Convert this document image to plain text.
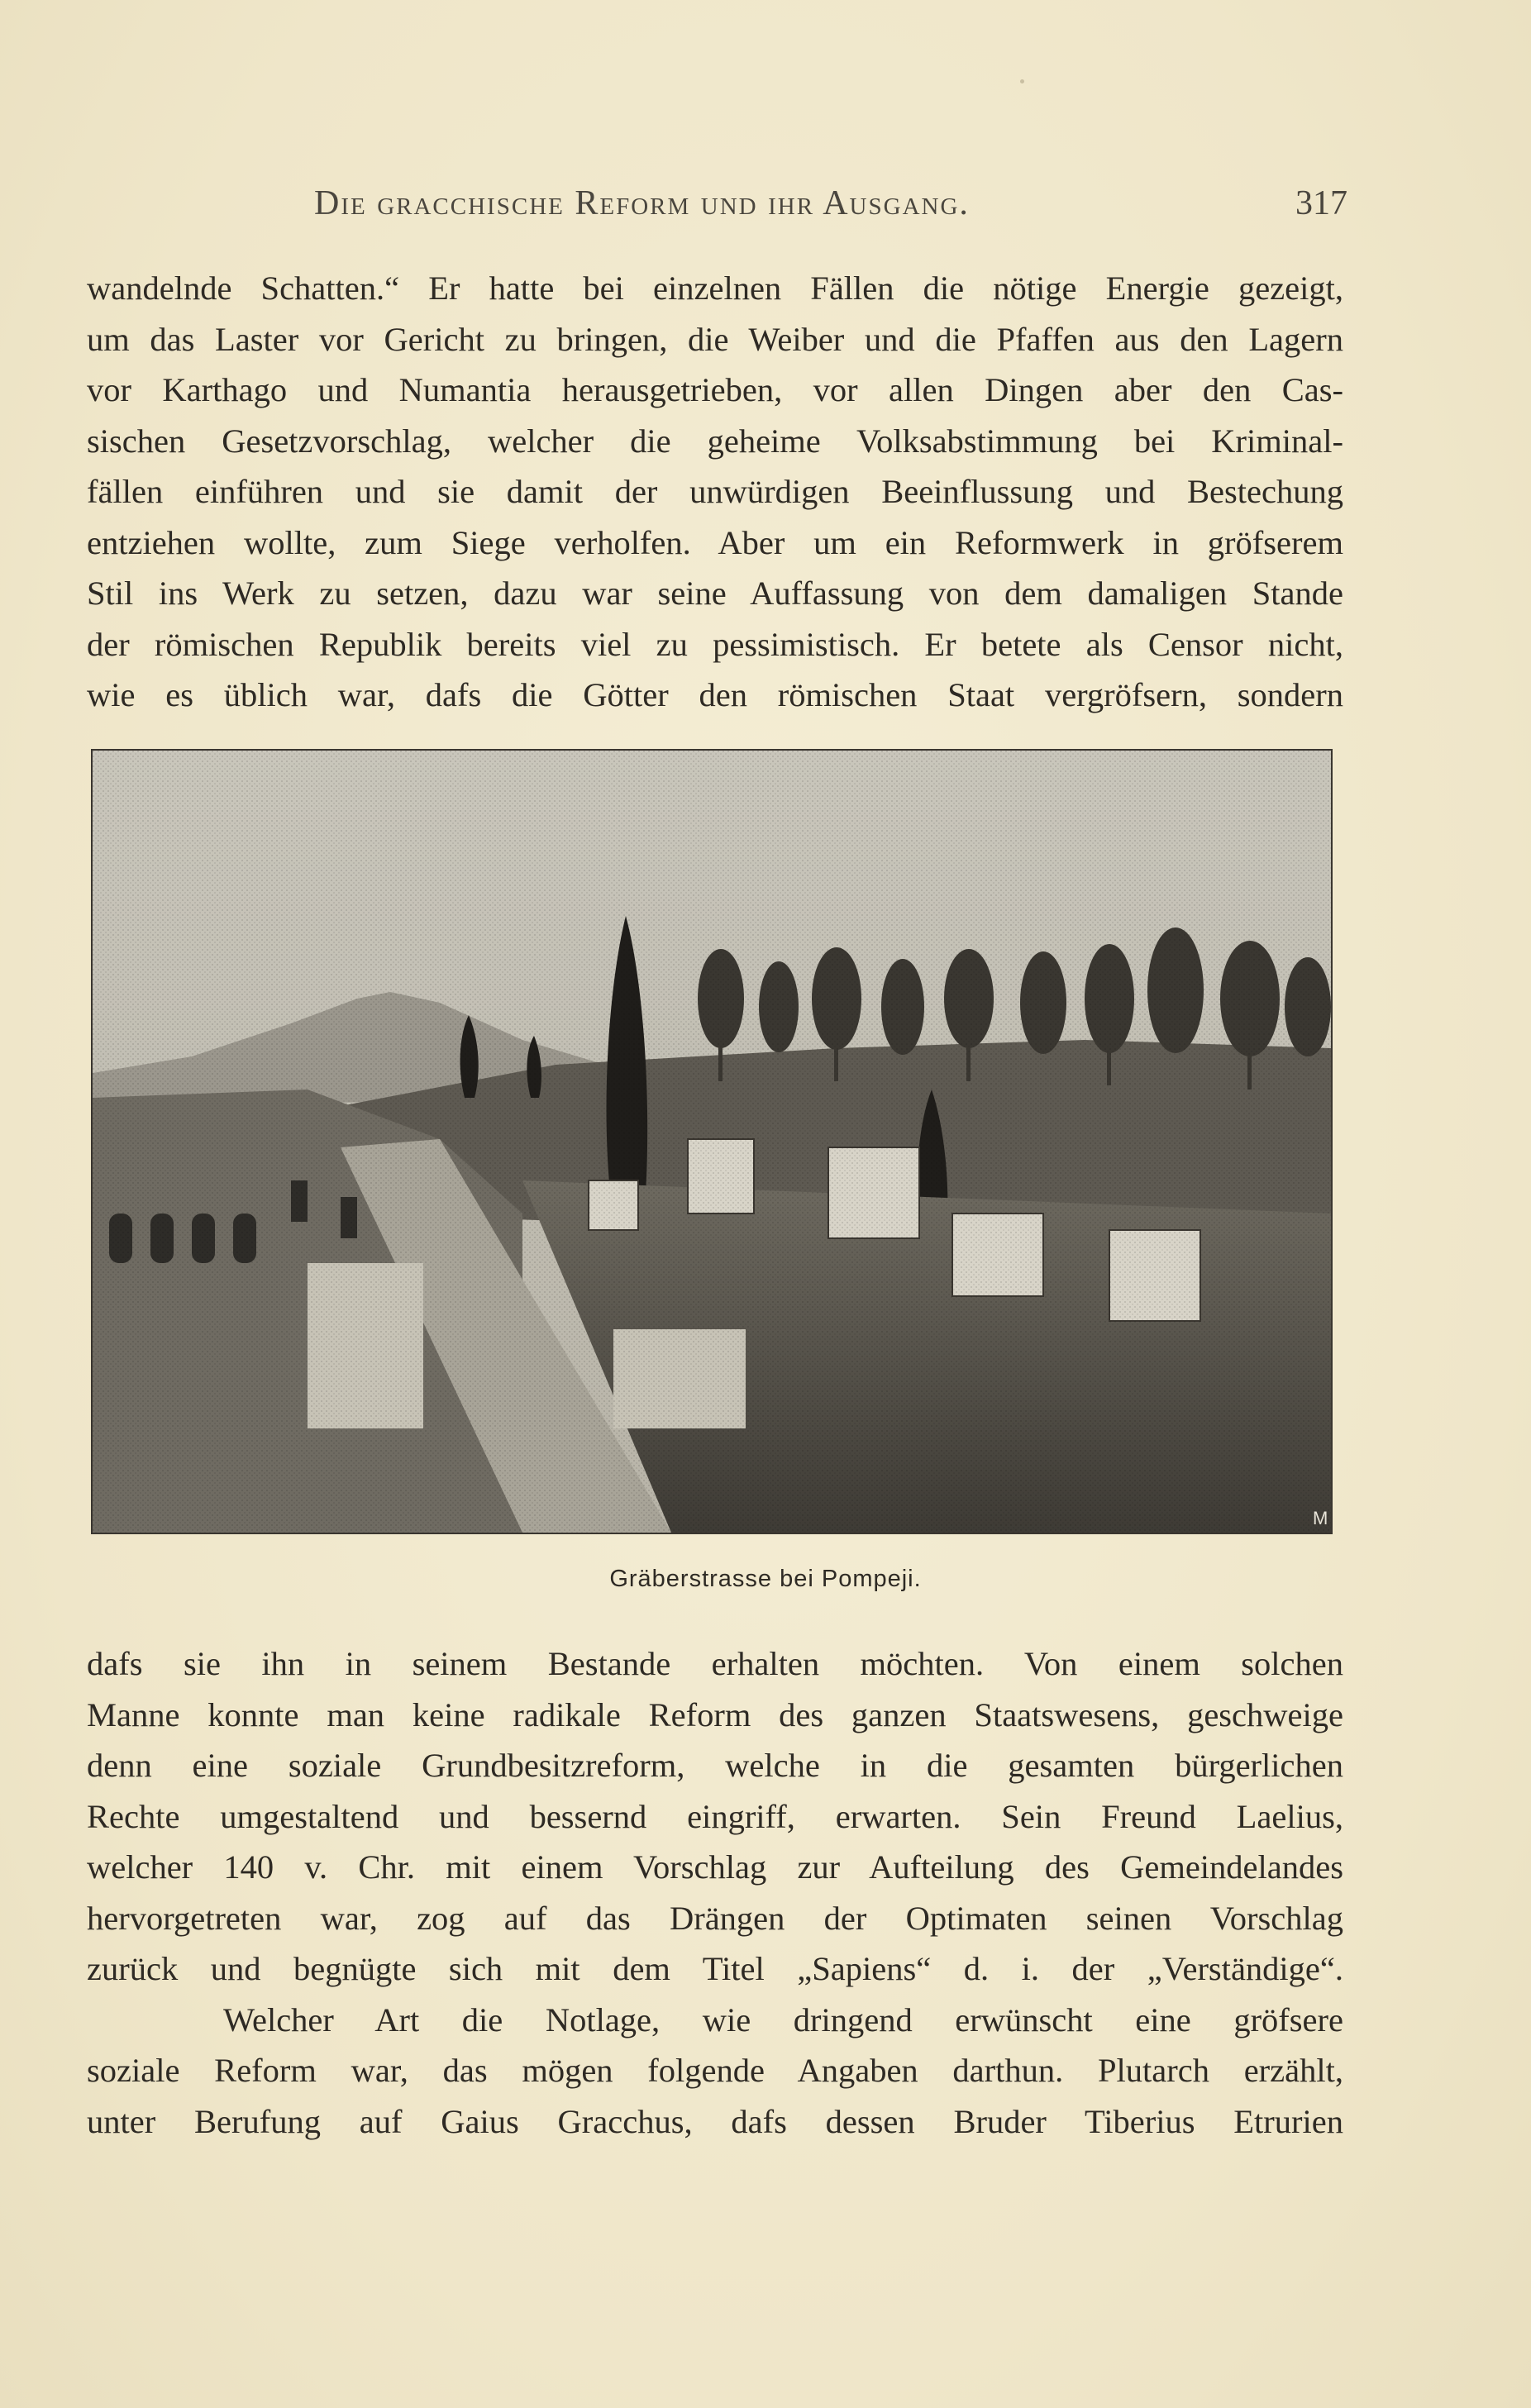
Die gracchische Reform und ihr Ausgang.	317
wandelnde Schatten.“ Er hatte bei einzelnen Fällen die nötige Energie gezeigt,
um das Laster vor Gericht zu bringen, die Weiber und die Pfaffen aus den Lagern
vor Karthago und Numantia herausgetrieben, vor allen Dingen aber den Cas-
sischen Gesetzvorschlag, welcher die geheime Volksabstimmung bei Kriminal-
fällen einführen und sie damit der unwürdigen Beeinflussung und Bestechung
entziehen wollte, zum Siege verholfen. Aber um ein Reformwerk in gröfserem
Stil ins Werk zu setzen, dazu war seine Auffassung von dem damaligen Stande
der römischen Republik bereits viel zu pessimistisch. Er betete als Censor nicht,
wie es üblich war, dafs die Götter den römischen Staat vergröfsern, sondern
M
Gräberstrasse bei Pompeji.
dafs sie ihn in seinem Bestande erhalten möchten. Von einem solchen
Manne konnte man keine radikale Reform des ganzen Staatswesens, geschweige
denn eine soziale Grundbesitzreform, welche in die gesamten bürgerlichen
Rechte umgestaltend und bessernd eingriff, erwarten. Sein Freund Laelius,
welcher 140 v. Chr. mit einem Vorschlag zur Aufteilung des Gemeindelandes
hervorgetreten war, zog auf das Drängen der Optimaten seinen Vorschlag
zurück und begnügte sich mit dem Titel „Sapiens“ d. i. der „Verständige“.
Welcher Art die Notlage, wie dringend erwünscht eine gröfsere
soziale Reform war, das mögen folgende Angaben darthun. Plutarch erzählt,
unter Berufung auf Gaius Gracchus, dafs dessen Bruder Tiberius Etrurien
